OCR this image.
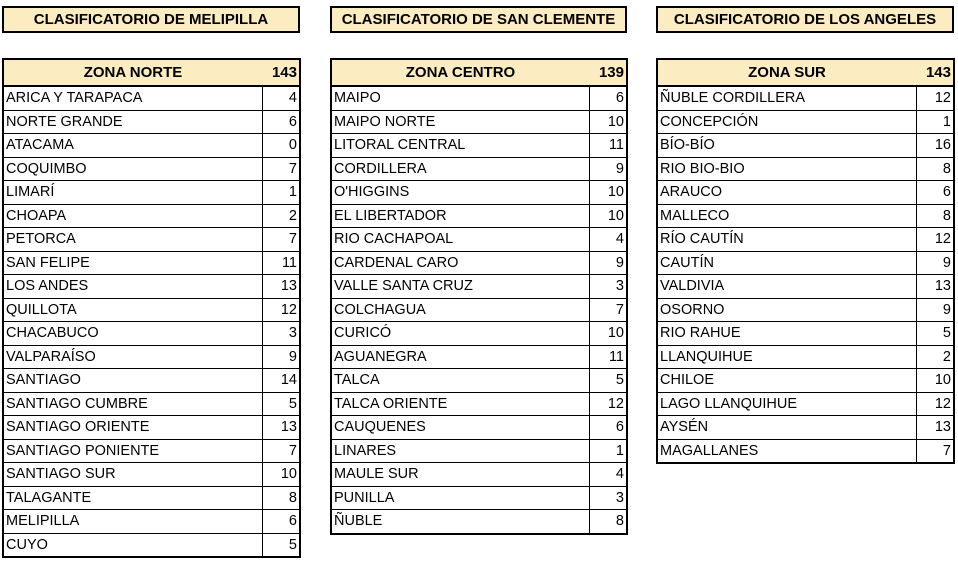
CLASIFICATORIO DE MELIPILLA
ZONA NORTE	143
ARICA Y TARAPACA	4
NORTE GRANDE	6
ATACAMA	0
COQUIMBO	7
LIMARÍ	1
CHOAPA	2
PETORCA	7
SAN FELIPE	11
LOS ANDES	13
QUILLOTA	12
CHACABUCO	3
VALPARAÍSO	9
SANTIAGO	14
SANTIAGO CUMBRE	5
SANTIAGO ORIENTE	13
SANTIAGO PONIENTE	7
SANTIAGO SUR	10
TALAGANTE	8
MELIPILLA	6
CUYO	5
CLASIFICATORIO DE SAN CLEMENTE
ZONA CENTRO	139
MAIPO	6
MAIPO NORTE	10
LITORAL CENTRAL	11
CORDILLERA	9
O'HIGGINS	10
EL LIBERTADOR	10
RIO CACHAPOAL	4
CARDENAL CARO	9
VALLE SANTA CRUZ	3
COLCHAGUA	7
CURICÓ	10
AGUANEGRA	11
TALCA	5
TALCA ORIENTE	12
CAUQUENES	6
LINARES	1
MAULE SUR	4
PUNILLA	3
ÑUBLE	8
CLASIFICATORIO DE LOS ANGELES
ZONA SUR	143
ÑUBLE CORDILLERA	12
CONCEPCIÓN	1
BÍO-BÍO	16
RIO BIO-BIO	8
ARAUCO	6
MALLECO	8
RÍO CAUTÍN	12
CAUTÍN	9
VALDIVIA	13
OSORNO	9
RIO RAHUE	5
LLANQUIHUE	2
CHILOE	10
LAGO LLANQUIHUE	12
AYSÉN	13
MAGALLANES	7
